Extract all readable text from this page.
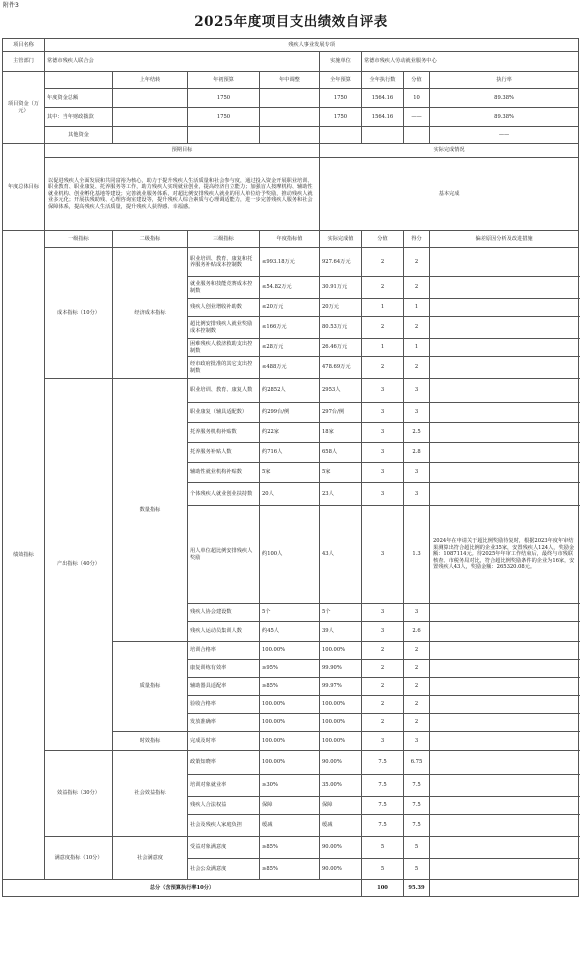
附件3
2025年度项目支出绩效自评表
项目名称	残疾人事业发展专项							
主管部门	常德市残疾人联合会				实施单位	常德市残疾人劳动就业服务中心		
项目资金（万元）		上年结转	年初预算	年中调整	全年预算	全年执行数	分值	执行率
	年度资金总额		1750		1750	1564.16	10	89.38%
	其中：当年财政拨款		1750		1750	1564.16	——	89.38%
	其他资金							——
年度总体目标	预期目标				实际完成情况			
	以促进残疾人全面发展和共同富裕为核心，助力于提升残疾人生活质量和社会参与度，通过投入资金开展职业培训、职业教育、职业康复、托养服务等工作，助力残疾人实现就业创业，提高经济自立能力；加强盲人按摩机构、辅助性就业机构、创业孵化基地等建设；完善就业服务体系，对超比例安排残疾人就业的用人单位给予奖励，推动残疾人就业多元化；开展扶残助残、心理咨询室建设等，提升残疾人综合素质与心理调适能力，进一步完善残疾人服务和社会保障体系，提高残疾人生活质量，提升残疾人获得感、幸福感。				基本完成			
绩效指标	一级指标	二级指标	三级指标	年度指标值	实际完成值	分值	得分	偏差原因分析及改进措施
	成本指标（10分）	经济成本指标	职业培训、教育、康复和托养服务补贴成本控制数	≤993.18万元	927.64万元	2	2	
			就业服务和技能竞赛成本控制数	≤54.82万元	30.91万元	2	2	
			残疾人创业增收补助数	≤20万元	20万元	1	1	
			超比例安排残疾人就业奖励成本控制数	≤166万元	80.53万元	2	2	
			困难残疾人救济救助支出控制数	≤28万元	26.46万元	1	1	
			经市政府批准的其它支出控制数	≤488万元	478.69万元	2	2	
	产出指标（40分）	数量指标	职业培训、教育、康复人数	约2852人	2953人	3	3	
			职业康复（辅具适配数）	约299台/例	297台/例	3	3	
			托养服务机构补贴数	约22家	18家	3	2.5	
			托养服务补贴人数	约716人	658人	3	2.8	
			辅助性就业机构补贴数	5家	5家	3	3	
			个体残疾人就业创业扶持数	20人	23人	3	3	
			用人单位超比例安排残疾人奖励	约100人	43人	3	1.3	2024年在申请关于超比例奖励待复时，根据2023年度年审结果测算出符合超比例的企业35家，安置残疾人124人，奖励金额：1087114元。待2025年年审工作结束后，最终与市残联核查、市税务局对比，符合超比例奖励条件的企业为16家，安置残疾人43人，奖励金额：265320.08元。
			残疾人协会建设数	5个	5个	3	3	
			残疾人运动员集训人数	约45人	39人	3	2.6	
		质量指标	培训合格率	100.00%	100.00%	2	2	
			康复训练有效率	≥95%	99.90%	2	2	
			辅助器具适配率	≥85%	99.97%	2	2	
			验收合格率	100.00%	100.00%	2	2	
			发放准确率	100.00%	100.00%	2	2	
		时效指标	完成及时率	100.00%	100.00%	3	3	
	效益指标（30分）	社会效益指标	政策知晓率	100.00%	90.00%	7.5	6.75	
			培训对象就业率	≥30%	35.00%	7.5	7.5	
			残疾人合法权益	保障	保障	7.5	7.5	
			社会及残疾人家庭负担	缓减	缓减	7.5	7.5	
	满意度指标（10分）	社会满意度	受益对象满意度	≥85%	90.00%	5	5	
			社会公众满意度	≥85%	90.00%	5	5	
总分（含预算执行率10分）						100	95.39	
